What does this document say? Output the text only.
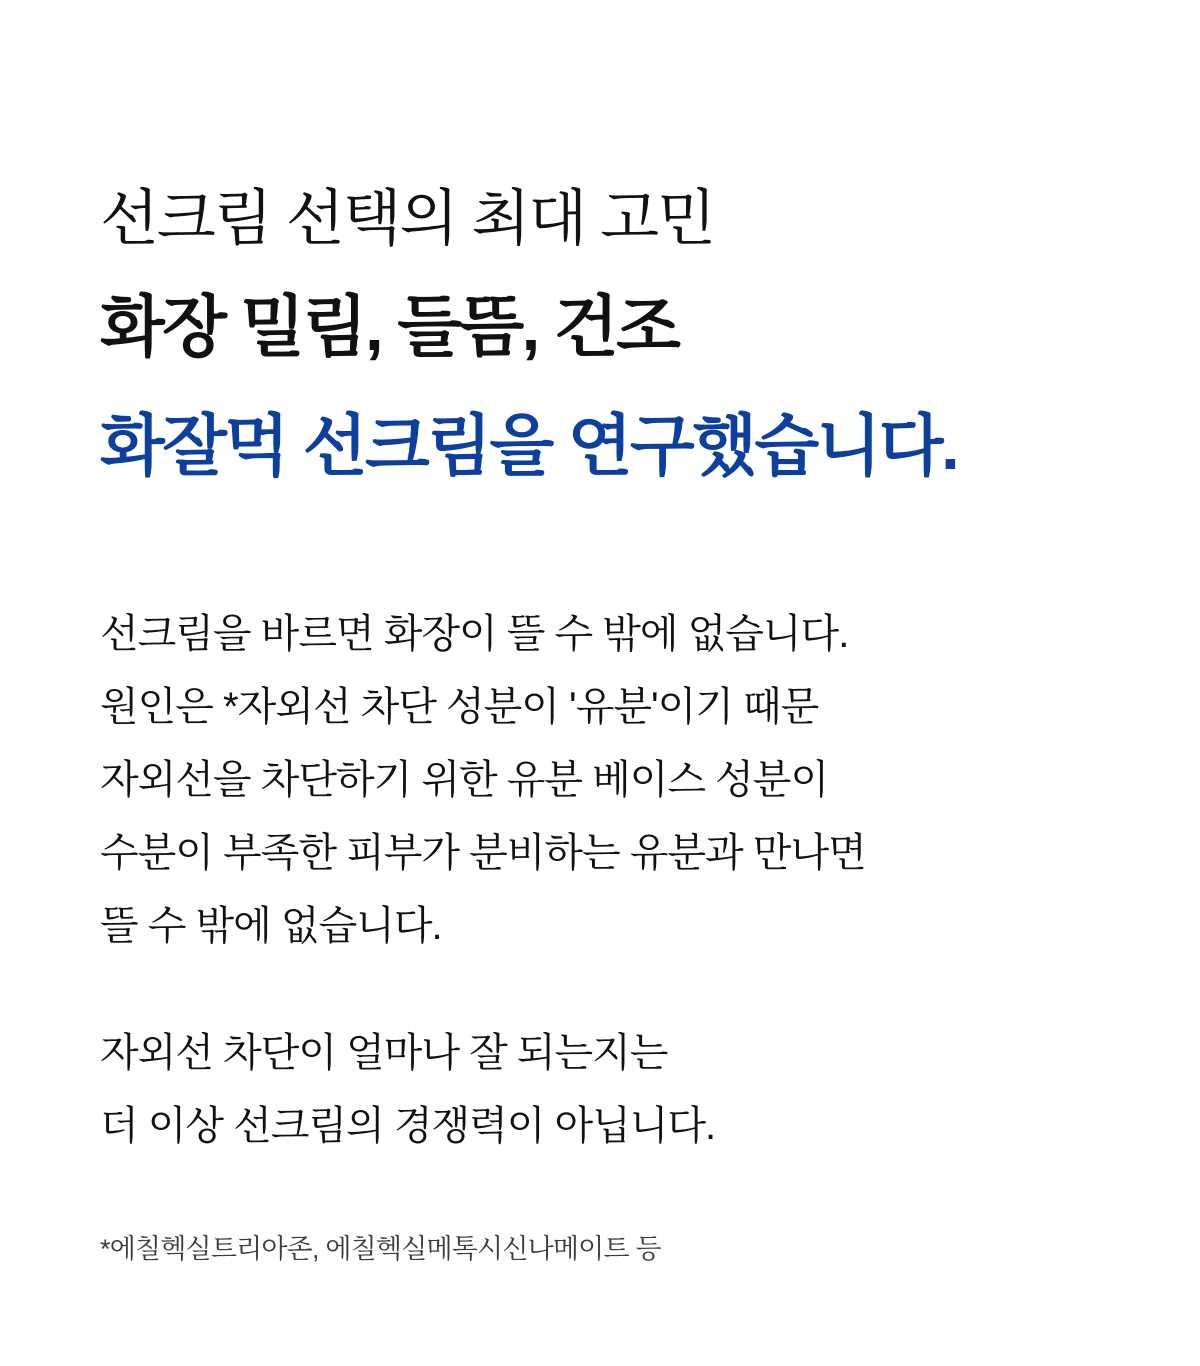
선크림 선택의 최대 고민
화장 밀림, 들뜸, 건조
화잘먹 선크림을 연구했습니다.
선크림을 바르면 화장이 뜰 수 밖에 없습니다.
원인은 *자외선 차단 성분이 '유분'이기 때문
자외선을 차단하기 위한 유분 베이스 성분이
수분이 부족한 피부가 분비하는 유분과 만나면
뜰 수 밖에 없습니다.
자외선 차단이 얼마나 잘 되는지는
더 이상 선크림의 경쟁력이 아닙니다.
*에칠헥실트리아존, 에칠헥실메톡시신나메이트 등
